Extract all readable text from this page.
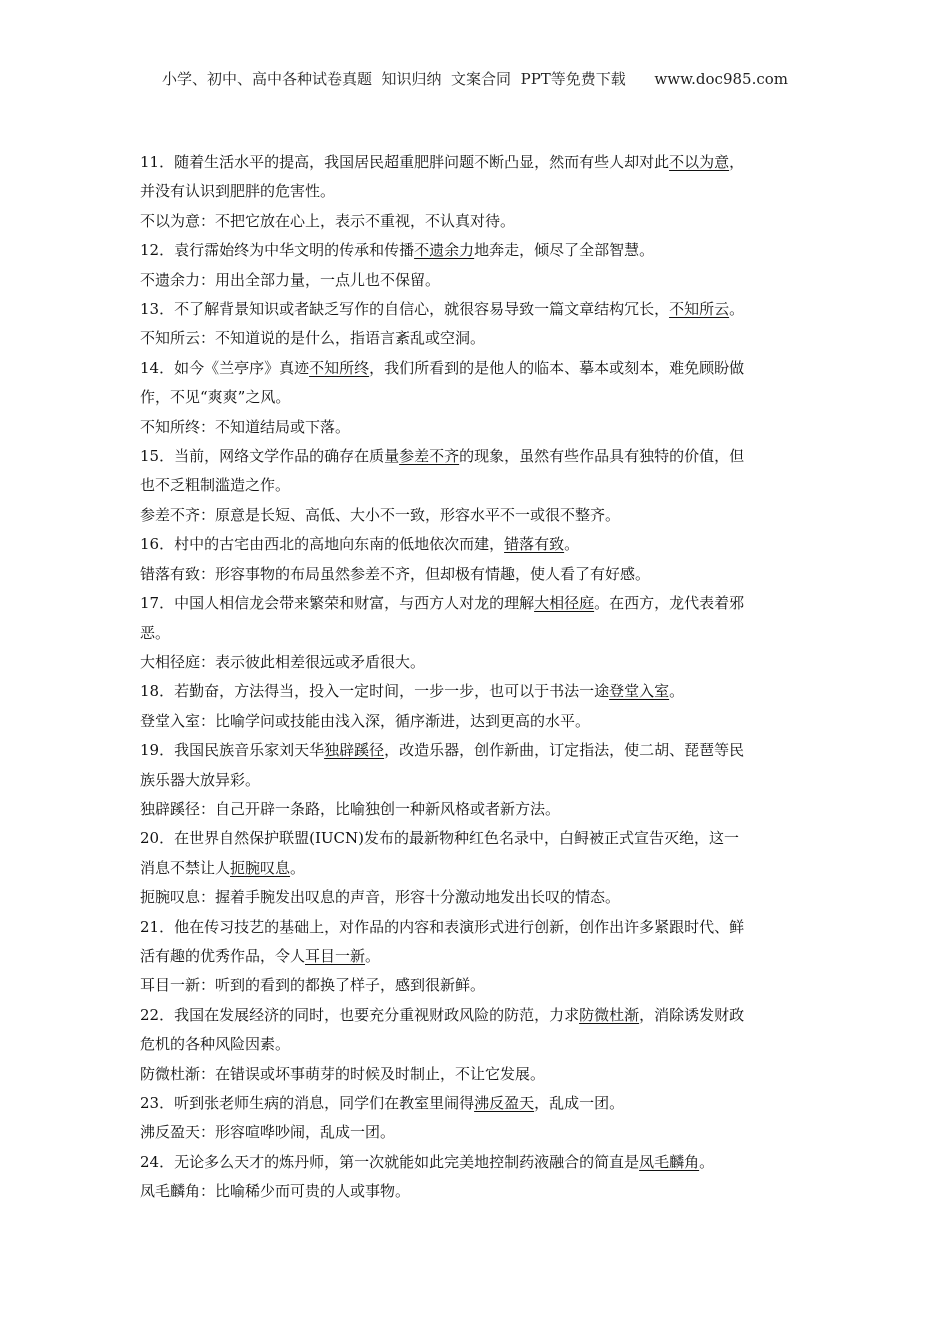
小学、初中、高中各种试卷真题  知识归纳  文案合同  PPT等免费下载 www.doc985.com
11．随着生活水平的提高，我国居民超重肥胖问题不断凸显，然而有些人却对此不以为意，
并没有认识到肥胖的危害性。
不以为意：不把它放在心上，表示不重视，不认真对待。
12．袁行霈始终为中华文明的传承和传播不遗余力地奔走，倾尽了全部智慧。
不遗余力：用出全部力量，一点儿也不保留。
13．不了解背景知识或者缺乏写作的自信心，就很容易导致一篇文章结构冗长，不知所云。
不知所云：不知道说的是什么，指语言紊乱或空洞。
14．如今《兰亭序》真迹不知所终，我们所看到的是他人的临本、摹本或刻本，难免顾盼做
作，不见“爽爽”之风。
不知所终：不知道结局或下落。
15．当前，网络文学作品的确存在质量参差不齐的现象，虽然有些作品具有独特的价值，但
也不乏粗制滥造之作。
参差不齐：原意是长短、高低、大小不一致，形容水平不一或很不整齐。
16．村中的古宅由西北的高地向东南的低地依次而建，错落有致。
错落有致：形容事物的布局虽然参差不齐，但却极有情趣，使人看了有好感。
17．中国人相信龙会带来繁荣和财富，与西方人对龙的理解大相径庭。在西方，龙代表着邪
恶。
大相径庭：表示彼此相差很远或矛盾很大。
18．若勤奋，方法得当，投入一定时间，一步一步，也可以于书法一途登堂入室。
登堂入室：比喻学问或技能由浅入深，循序渐进，达到更高的水平。
19．我国民族音乐家刘天华独辟蹊径，改造乐器，创作新曲，订定指法，使二胡、琵琶等民
族乐器大放异彩。
独辟蹊径：自己开辟一条路，比喻独创一种新风格或者新方法。
20．在世界自然保护联盟(IUCN)发布的最新物种红色名录中，白鲟被正式宣告灭绝，这一
消息不禁让人扼腕叹息。
扼腕叹息：握着手腕发出叹息的声音，形容十分激动地发出长叹的情态。
21．他在传习技艺的基础上，对作品的内容和表演形式进行创新，创作出许多紧跟时代、鲜
活有趣的优秀作品，令人耳目一新。
耳目一新：听到的看到的都换了样子，感到很新鲜。
22．我国在发展经济的同时，也要充分重视财政风险的防范，力求防微杜渐，消除诱发财政
危机的各种风险因素。
防微杜渐：在错误或坏事萌芽的时候及时制止，不让它发展。
23．听到张老师生病的消息，同学们在教室里闹得沸反盈天，乱成一团。
沸反盈天：形容喧哗吵闹，乱成一团。
24．无论多么天才的炼丹师，第一次就能如此完美地控制药液融合的简直是凤毛麟角。
凤毛麟角：比喻稀少而可贵的人或事物。
